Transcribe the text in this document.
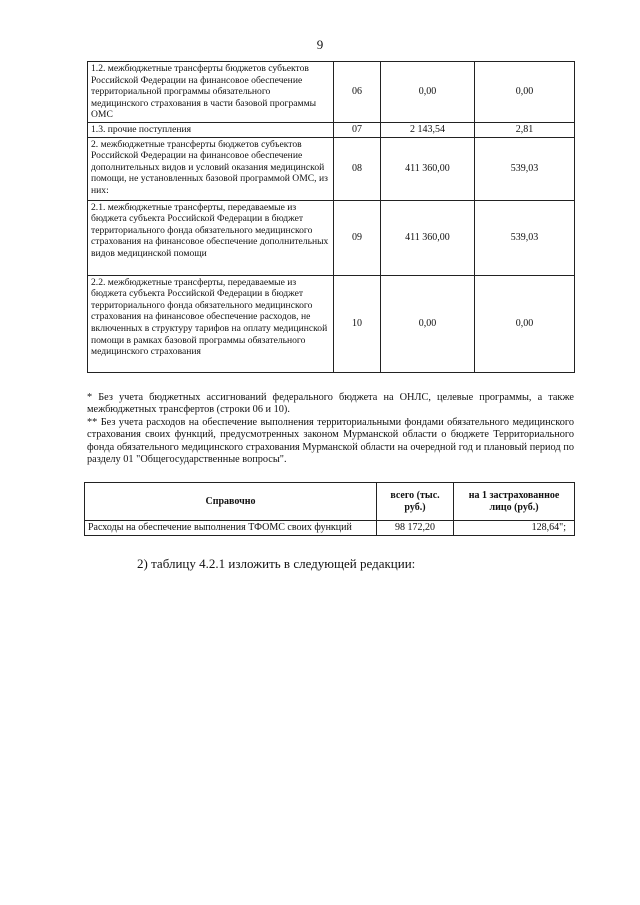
9
1.2. межбюджетные трансферты бюджетов субъектов Российской Федерации на финансовое обеспечение территориальной программы обязательного медицинского страхования в части базовой программы ОМС	06	0,00	0,00
1.3. прочие поступления	07	2 143,54	2,81
2. межбюджетные трансферты бюджетов субъектов Российской Федерации на финансовое обеспечение дополнительных видов и условий оказания медицинской помощи, не установленных базовой программой ОМС, из них:	08	411 360,00	539,03
2.1. межбюджетные трансферты, передаваемые из бюджета субъекта Российской Федерации в бюджет территориального фонда обязательного медицинского страхования на финансовое обеспечение дополнительных видов медицинской помощи	09	411 360,00	539,03
2.2. межбюджетные трансферты, передаваемые из бюджета субъекта Российской Федерации в бюджет территориального фонда обязательного медицинского страхования на финансовое обеспечение расходов, не включенных в структуру тарифов на оплату медицинской помощи в рамках базовой программы обязательного медицинского страхования	10	0,00	0,00

* Без учета бюджетных ассигнований федерального бюджета на ОНЛС, целевые программы, а также межбюджетных трансфертов (строки 06 и 10).

** Без учета расходов на обеспечение выполнения территориальными фондами обязательного медицинского страхования своих функций, предусмотренных законом Мурманской области о бюджете Территориального фонда обязательного медицинского страхования Мурманской области на очередной год и плановый период по разделу 01 "Общегосударственные вопросы".

Справочно	всего (тыс. руб.)	на 1 застрахованное лицо (руб.)
Расходы на обеспечение выполнения ТФОМС своих функций	98 172,20	128,64";
2) таблицу 4.2.1 изложить в следующей редакции:
